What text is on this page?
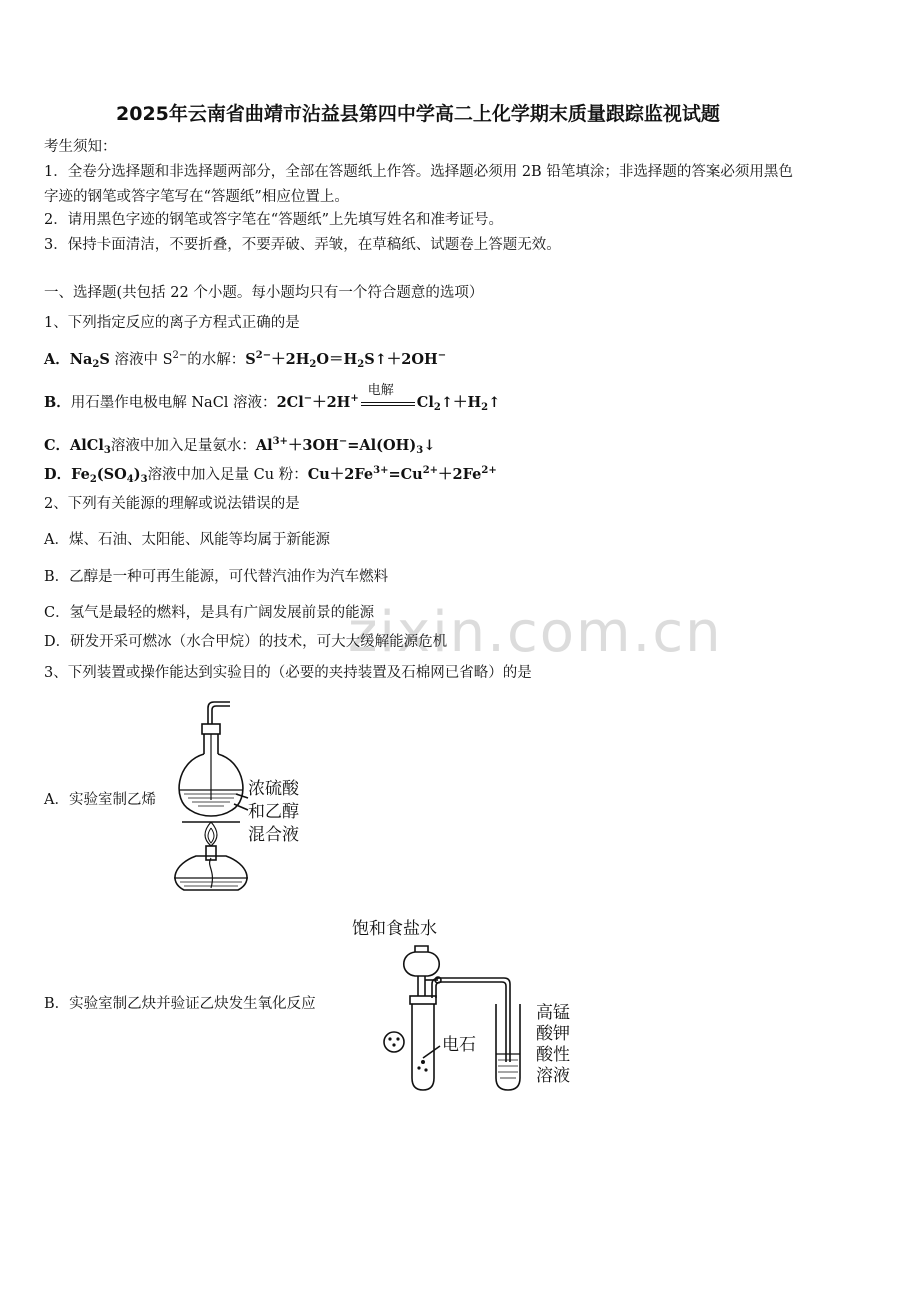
zixin.com.cn
2025年云南省曲靖市沾益县第四中学高二上化学期末质量跟踪监视试题
考生须知：
1．全卷分选择题和非选择题两部分，全部在答题纸上作答。选择题必须用 2B 铅笔填涂；非选择题的答案必须用黑色
字迹的钢笔或答字笔写在“答题纸”相应位置上。
2．请用黑色字迹的钢笔或答字笔在“答题纸”上先填写姓名和准考证号。
3．保持卡面清洁，不要折叠，不要弄破、弄皱，在草稿纸、试题卷上答题无效。
一、选择题(共包括 22 个小题。每小题均只有一个符合题意的选项）
1、下列指定反应的离子方程式正确的是
A．$Na_2S$ 溶液中 $S^{2-}$的水解：$S^{2-}+2H_2O=H_2S↑+2OH^-$
B．用石墨作电极电解 NaCl 溶液：2Cl−＋2H+
电解
$Cl_2↑+H_2↑$
C．AlCl$_3$溶液中加入足量氨水：$Al^{3+}+3OH^-=Al(OH)_3↓$
D．$Fe_2(SO_4)_3$溶液中加入足量 Cu 粉：$Cu+2Fe^{3+}=Cu^{2+}+2Fe^{2+}$
2、下列有关能源的理解或说法错误的是
A．煤、石油、太阳能、风能等均属于新能源
B．乙醇是一种可再生能源，可代替汽油作为汽车燃料
C．氢气是最轻的燃料，是具有广阔发展前景的能源
D．研发开采可燃冰（水合甲烷）的技术，可大大缓解能源危机
3、下列装置或操作能达到实验目的（必要的夹持装置及石棉网已省略）的是
A．实验室制乙烯
浓硫酸
和乙醇
混合液
B．实验室制乙炔并验证乙炔发生氧化反应
饱和食盐水
电石
高锰
酸钾
酸性
溶液
